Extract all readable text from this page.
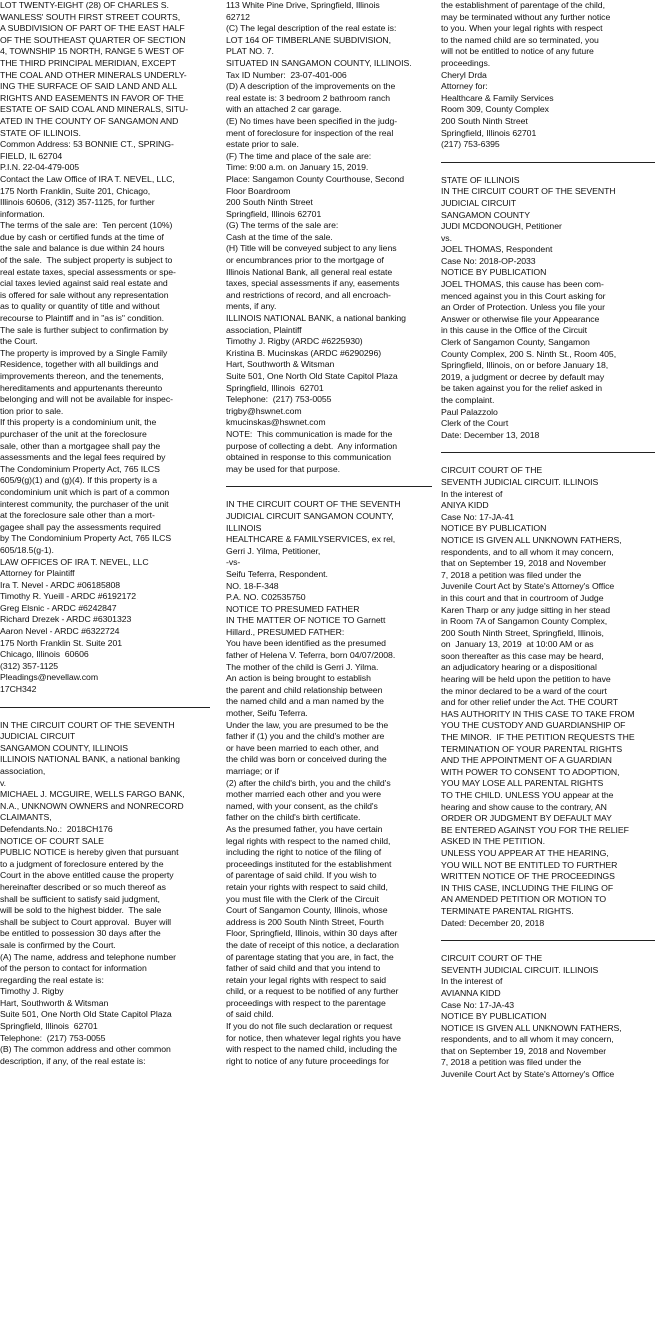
LOT TWENTY-EIGHT (28) OF CHARLES S.

WANLESS' SOUTH FIRST STREET COURTS,

A SUBDIVISION OF PART OF THE EAST HALF

OF THE SOUTHEAST QUARTER OF SECTION

4, TOWNSHIP 15 NORTH, RANGE 5 WEST OF

THE THIRD PRINCIPAL MERIDIAN, EXCEPT

THE COAL AND OTHER MINERALS UNDERLY-

ING THE SURFACE OF SAID LAND AND ALL

RIGHTS AND EASEMENTS IN FAVOR OF THE

ESTATE OF SAID COAL AND MINERALS, SITU-

ATED IN THE COUNTY OF SANGAMON AND

STATE OF ILLINOIS.

Common Address: 53 BONNIE CT., SPRING-

FIELD, IL 62704

P.I.N. 22-04-479-005

Contact the Law Office of IRA T. NEVEL, LLC,

175 North Franklin, Suite 201, Chicago,

Illinois 60606, (312) 357-1125, for further

information.

The terms of the sale are:  Ten percent (10%)

due by cash or certified funds at the time of

the sale and balance is due within 24 hours

of the sale.  The subject property is subject to

real estate taxes, special assessments or spe-

cial taxes levied against said real estate and

is offered for sale without any representation

as to quality or quantity of title and without

recourse to Plaintiff and in "as is" condition.

The sale is further subject to confirmation by

the Court.

The property is improved by a Single Family

Residence, together with all buildings and

improvements thereon, and the tenements,

hereditaments and appurtenants thereunto

belonging and will not be available for inspec-

tion prior to sale.

If this property is a condominium unit, the

purchaser of the unit at the foreclosure

sale, other than a mortgagee shall pay the

assessments and the legal fees required by

The Condominium Property Act, 765 ILCS

605/9(g)(1) and (g)(4). If this property is a

condominium unit which is part of a common

interest community, the purchaser of the unit

at the foreclosure sale other than a mort-

gagee shall pay the assessments required

by The Condominium Property Act, 765 ILCS

605/18.5(g-1).

LAW OFFICES OF IRA T. NEVEL, LLC

Attorney for Plaintiff

Ira T. Nevel - ARDC #06185808

Timothy R. Yueill - ARDC #6192172

Greg Elsnic - ARDC #6242847

Richard Drezek - ARDC #6301323

Aaron Nevel - ARDC #6322724

175 North Franklin St. Suite 201

Chicago, Illinois  60606

(312) 357-1125

Pleadings@nevellaw.com

17CH342

IN THE CIRCUIT COURT OF THE SEVENTH

JUDICIAL CIRCUIT

SANGAMON COUNTY, ILLINOIS

ILLINOIS NATIONAL BANK, a national banking

association,

v.

MICHAEL J. MCGUIRE, WELLS FARGO BANK,

N.A., UNKNOWN OWNERS and NONRECORD

CLAIMANTS,

Defendants.No.:  2018CH176

NOTICE OF COURT SALE

PUBLIC NOTICE is hereby given that pursuant

to a judgment of foreclosure entered by the

Court in the above entitled cause the property

hereinafter described or so much thereof as

shall be sufficient to satisfy said judgment,

will be sold to the highest bidder.  The sale

shall be subject to Court approval.  Buyer will

be entitled to possession 30 days after the

sale is confirmed by the Court.

(A) The name, address and telephone number

of the person to contact for information

regarding the real estate is:

Timothy J. Rigby

Hart, Southworth & Witsman

Suite 501, One North Old State Capitol Plaza

Springfield, Illinois  62701

Telephone:  (217) 753-0055

(B) The common address and other common

description, if any, of the real estate is:

113 White Pine Drive, Springfield, Illinois

62712

(C) The legal description of the real estate is:

LOT 164 OF TIMBERLANE SUBDIVISION,

PLAT NO. 7.

SITUATED IN SANGAMON COUNTY, ILLINOIS.

Tax ID Number:  23-07-401-006

(D) A description of the improvements on the

real estate is: 3 bedroom 2 bathroom ranch

with an attached 2 car garage.

(E) No times have been specified in the judg-

ment of foreclosure for inspection of the real

estate prior to sale.

(F) The time and place of the sale are:

Time: 9:00 a.m. on January 15, 2019.

Place: Sangamon County Courthouse, Second

Floor Boardroom

200 South Ninth Street

Springfield, Illinois 62701

(G) The terms of the sale are:

Cash at the time of the sale.

(H) Title will be conveyed subject to any liens

or encumbrances prior to the mortgage of

Illinois National Bank, all general real estate

taxes, special assessments if any, easements

and restrictions of record, and all encroach-

ments, if any.

ILLINOIS NATIONAL BANK, a national banking

association, Plaintiff

Timothy J. Rigby (ARDC #6225930)

Kristina B. Mucinskas (ARDC #6290296)

Hart, Southworth & Witsman

Suite 501, One North Old State Capitol Plaza

Springfield, Illinois  62701

Telephone:  (217) 753-0055

trigby@hswnet.com

kmucinskas@hswnet.com

NOTE:  This communication is made for the

purpose of collecting a debt.  Any information

obtained in response to this communication

may be used for that purpose.

IN THE CIRCUIT COURT OF THE SEVENTH

JUDICIAL CIRCUIT SANGAMON COUNTY,

ILLINOIS

HEALTHCARE & FAMILYSERVICES, ex rel,

Gerri J. Yilma, Petitioner,

-vs-

Seifu Teferra, Respondent.

NO. 18-F-348

P.A. NO. C02535750

NOTICE TO PRESUMED FATHER

IN THE MATTER OF NOTICE TO Garnett

Hillard., PRESUMED FATHER:

You have been identified as the presumed

father of Helena V. Teferra, born 04/07/2008.

The mother of the child is Gerri J. Yilma.

An action is being brought to establish

the parent and child relationship between

the named child and a man named by the

mother, Seifu Teferra.

Under the law, you are presumed to be the

father if (1) you and the child's mother are

or have been married to each other, and

the child was born or conceived during the

marriage; or if

(2) after the child's birth, you and the child's

mother married each other and you were

named, with your consent, as the child's

father on the child's birth certificate.

As the presumed father, you have certain

legal rights with respect to the named child,

including the right to notice of the filing of

proceedings instituted for the establishment

of parentage of said child. If you wish to

retain your rights with respect to said child,

you must file with the Clerk of the Circuit

Court of Sangamon County, Illinois, whose

address is 200 South Ninth Street, Fourth

Floor, Springfield, Illinois, within 30 days after

the date of receipt of this notice, a declaration

of parentage stating that you are, in fact, the

father of said child and that you intend to

retain your legal rights with respect to said

child, or a request to be notified of any further

proceedings with respect to the parentage

of said child.

If you do not file such declaration or request

for notice, then whatever legal rights you have

with respect to the named child, including the

right to notice of any future proceedings for

the establishment of parentage of the child,

may be terminated without any further notice

to you. When your legal rights with respect

to the named child are so terminated, you

will not be entitled to notice of any future

proceedings.

Cheryl Drda

Attorney for:

Healthcare & Family Services

Room 309, County Complex

200 South Ninth Street

Springfield, Illinois 62701

(217) 753-6395

STATE OF ILLINOIS

IN THE CIRCUIT COURT OF THE SEVENTH

JUDICIAL CIRCUIT

SANGAMON COUNTY

JUDI MCDONOUGH, Petitioner

vs.

JOEL THOMAS, Respondent

Case No: 2018-OP-2033

NOTICE BY PUBLICATION

JOEL THOMAS, this cause has been com-

menced against you in this Court asking for

an Order of Protection. Unless you file your

Answer or otherwise file your Appearance

in this cause in the Office of the Circuit

Clerk of Sangamon County, Sangamon

County Complex, 200 S. Ninth St., Room 405,

Springfield, Illinois, on or before January 18,

2019, a judgment or decree by default may

be taken against you for the relief asked in

the complaint.

Paul Palazzolo

Clerk of the Court

Date: December 13, 2018

CIRCUIT COURT OF THE

SEVENTH JUDICIAL CIRCUIT. ILLINOIS

In the interest of

ANIYA KIDD

Case No: 17-JA-41

NOTICE BY PUBLICATION

NOTICE IS GIVEN ALL UNKNOWN FATHERS,

respondents, and to all whom it may concern,

that on September 19, 2018 and November

7, 2018 a petition was filed under the

Juvenile Court Act by State's Attorney's Office

in this court and that in courtroom of Judge

Karen Tharp or any judge sitting in her stead

in Room 7A of Sangamon County Complex,

200 South Ninth Street, Springfield, Illinois,

on  January 13, 2019  at 10:00 AM or as

soon thereafter as this case may be heard,

an adjudicatory hearing or a dispositional

hearing will be held upon the petition to have

the minor declared to be a ward of the court

and for other relief under the Act. THE COURT

HAS AUTHORITY IN THIS CASE TO TAKE FROM

YOU THE CUSTODY AND GUARDIANSHIP OF

THE MINOR.  IF THE PETITION REQUESTS THE

TERMINATION OF YOUR PARENTAL RIGHTS

AND THE APPOINTMENT OF A GUARDIAN

WITH POWER TO CONSENT TO ADOPTION,

YOU MAY LOSE ALL PARENTAL RIGHTS

TO THE CHILD. UNLESS YOU appear at the

hearing and show cause to the contrary, AN

ORDER OR JUDGMENT BY DEFAULT MAY

BE ENTERED AGAINST YOU FOR THE RELIEF

ASKED IN THE PETITION.

UNLESS YOU APPEAR AT THE HEARING,

YOU WILL NOT BE ENTITLED TO FURTHER

WRITTEN NOTICE OF THE PROCEEDINGS

IN THIS CASE, INCLUDING THE FILING OF

AN AMENDED PETITION OR MOTION TO

TERMINATE PARENTAL RIGHTS.

Dated: December 20, 2018

CIRCUIT COURT OF THE

SEVENTH JUDICIAL CIRCUIT. ILLINOIS

In the interest of

AVIANNA KIDD

Case No: 17-JA-43

NOTICE BY PUBLICATION

NOTICE IS GIVEN ALL UNKNOWN FATHERS,

respondents, and to all whom it may concern,

that on September 19, 2018 and November

7, 2018 a petition was filed under the

Juvenile Court Act by State's Attorney's Office
